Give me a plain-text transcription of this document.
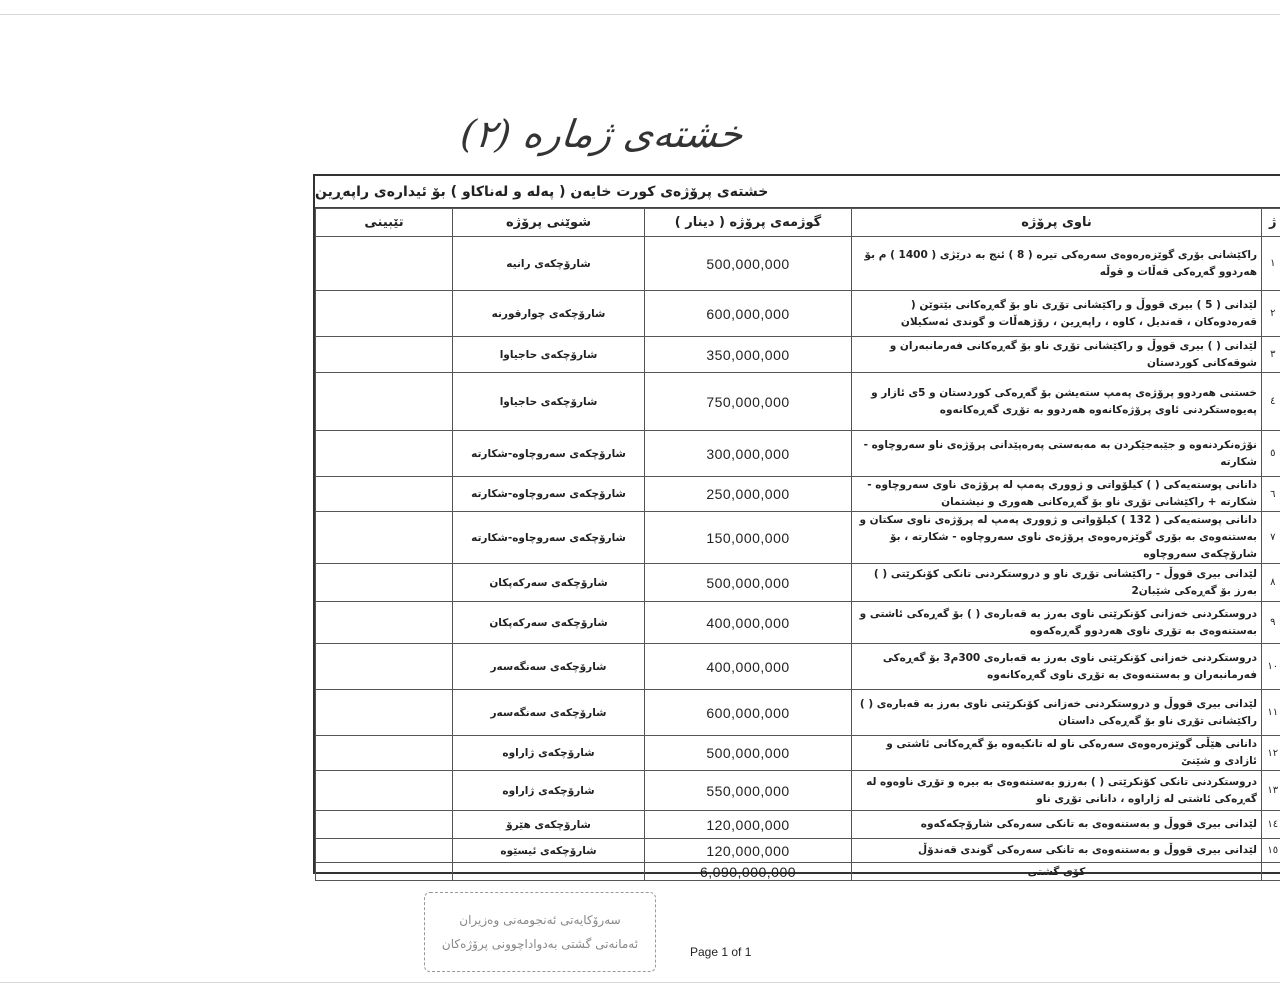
خشتەی ژمارە (٢)
خشتەی پرۆژەی کورت خایەن ( پەلە و لەناکاو ) بۆ ئیدارەی راپەڕین
تێبینی	شوێنی پرۆژە	گوژمەی پرۆژە ( دینار )	ناوی پرۆژە	ژ
	شارۆچکەی رانیە	500,000,000	راکێشانی بۆری گوێزەرەوەی سەرەکی تیرە ( 8 ) ئنج بە درێژی ( 1400 ) م بۆ هەردوو گەڕەکی قەڵات و قوڵە	١
	شارۆچکەی چوارقورنە	600,000,000	لێدانی ( 5 ) بیری قووڵ و راکێشانی تۆڕی ناو بۆ گەڕەکانی بێتوێن ( قەرەدوەکان ، قەندیل ، کاوە ، راپەڕین ، رۆژهەڵات و گوندی ئەسکیلان	٢
	شارۆچکەی حاجیاوا	350,000,000	لێدانی ( ) بیری قووڵ و راکێشانی تۆڕی ناو بۆ گەڕەکانی فەرمانبەران و شوقەکانی کوردستان	٣
	شارۆچکەی حاجیاوا	750,000,000	خستنی هەردوو پرۆژەی پەمپ ستەیشن بۆ گەڕەکی کوردستان و 5ی ئازار و پەیوەستکردنی ئاوی پرۆژەکانەوە هەردوو بە تۆڕی گەڕەکانەوە	٤
	شارۆچکەی سەروچاوە-شکارتە	300,000,000	نۆژەنکردنەوە و جێبەجێکردن بە مەبەستی پەرەپێدانی پرۆژەی ناو سەروچاوە - شکارتە	٥
	شارۆچکەی سەروچاوە-شکارتە	250,000,000	دانانی پوستەیەکی ( ) کیلۆواتی و ژووری پەمپ لە پرۆژەی ناوی سەروچاوە - شکارتە + راکێشانی تۆڕی ناو بۆ گەڕەکانی هەوری و نیشتمان	٦
	شارۆچکەی سەروچاوە-شکارتە	150,000,000	دانانی پوستەیەکی ( 132 ) کیلۆواتی و ژووری پەمپ لە پرۆژەی ناوی سکتان و بەستنەوەی بە بۆری گوێزەرەوەی پرۆژەی ناوی سەروچاوە - شکارتە ، بۆ شارۆچکەی سەروچاوە	٧
	شارۆچکەی سەرکەپکان	500,000,000	لێدانی بیری قووڵ - راکێشانی تۆڕی ناو و دروستکردنی تانکی کۆنکرێتی ( ) بەرز بۆ گەڕەکی شێبان2	٨
	شارۆچکەی سەرکەپکان	400,000,000	دروستکردنی خەزانی کۆنکرێتی ناوی بەرز بە قەبارەی ( ) بۆ گەڕەکی ئاشتی و بەستنەوەی بە تۆڕی ناوی هەردوو گەڕەکەوە	٩
	شارۆچکەی سەنگەسەر	400,000,000	دروستکردنی خەزانی کۆنکرێتی ناوی بەرز بە قەبارەی 300م3 بۆ گەڕەکی فەرمانبەران و بەستنەوەی بە تۆڕی ناوی گەڕەکانەوە	١٠
	شارۆچکەی سەنگەسەر	600,000,000	لێدانی بیری قووڵ و دروستکردنی خەزانی کۆنکرێتی ناوی بەرز بە قەبارەی ( ) راکێشانی تۆڕی ناو بۆ گەڕەکی داستان	١١
	شارۆچکەی ژاراوە	500,000,000	دانانی هێڵی گوێزەرەوەی سەرەکی ناو لە تانکیەوە بۆ گەڕەکانی ئاشتی و ئازادی و شێنێ	١٢
	شارۆچکەی ژاراوە	550,000,000	دروستکردنی تانکی کۆنکرێتی ( ) بەرزو بەستنەوەی بە بیرە و تۆڕی ناوەوە لە گەڕەکی ئاشتی لە ژاراوە ، دانانی تۆڕی ناو	١٣
	شارۆچکەی هێرۆ	120,000,000	لێدانی بیری قووڵ و بەستنەوەی بە تانکی سەرەکی شارۆچکەکەوە	١٤
	شارۆچکەی ئیسێوە	120,000,000	لێدانی بیری قووڵ و بەستنەوەی بە تانکی سەرەکی گوندی قەندۆڵ	١٥
		6,090,000,000	کۆی گشتی	
سەرۆکایەتی ئەنجومەنی وەزیران
ئەمانەتی گشتی بەدواداچوونی پرۆژەکان
Page 1 of 1
